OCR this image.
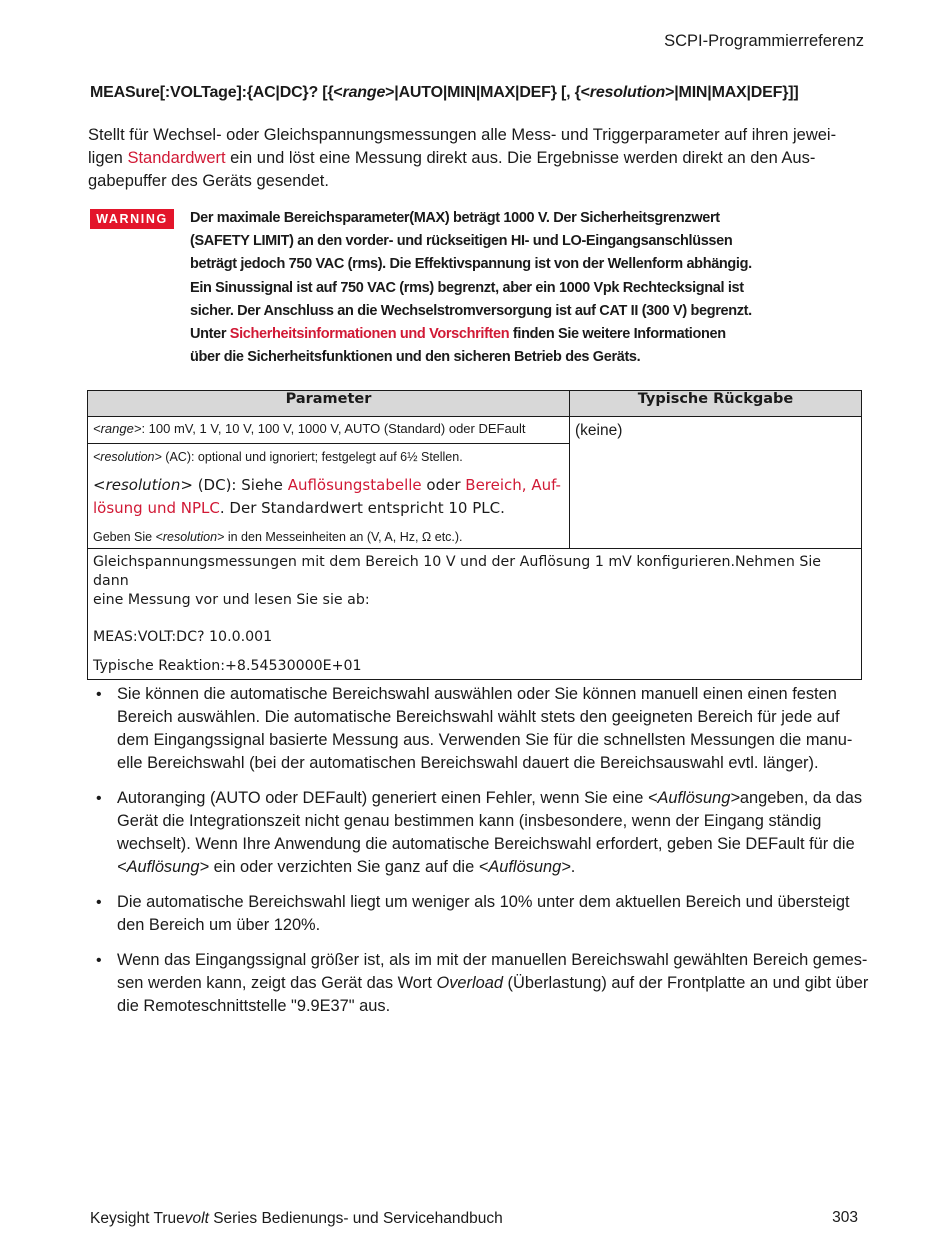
SCPI-Programmierreferenz
MEASure[:VOLTage]:{AC|DC}? [{<range>|AUTO|MIN|MAX|DEF} [, {<resolution>|MIN|MAX|DEF}]]
Stellt für Wechsel- oder Gleichspannungsmessungen alle Mess- und Triggerparameter auf ihren jewei-
ligen Standardwert ein und löst eine Messung direkt aus. Die Ergebnisse werden direkt an den Aus-
gabepuffer des Geräts gesendet.
WARNING	Der maximale Bereichsparameter(MAX) beträgt 1000 V. Der Sicherheitsgrenzwert
(SAFETY LIMIT) an den vorder- und rückseitigen HI- und LO-Eingangsanschlüssen
beträgt jedoch 750 VAC (rms). Die Effektivspannung ist von der Wellenform abhängig.
Ein Sinussignal ist auf 750 VAC (rms) begrenzt, aber ein 1000 Vpk Rechtecksignal ist
sicher. Der Anschluss an die Wechselstromversorgung ist auf CAT II (300 V) begrenzt.
Unter Sicherheitsinformationen und Vorschriften finden Sie weitere Informationen
über die Sicherheitsfunktionen und den sicheren Betrieb des Geräts.
Parameter	Typische Rückgabe
<range>: 100 mV, 1 V, 10 V, 100 V, 1000 V, AUTO (Standard) oder DEFault	(keine)

<resolution> (AC): optional und ignoriert; festgelegt auf 6½ Stellen.
<resolution> (DC): Siehe Auflösungstabelle oder Bereich, Auf-
lösung und NPLC. Der Standardwert entspricht 10 PLC.
Geben Sie <resolution> in den Messeinheiten an (V, A, Hz, Ω etc.).	

Gleichspannungsmessungen mit dem Bereich 10 V und der Auflösung 1 mV konfigurieren.Nehmen Sie dann
eine Messung vor und lesen Sie sie ab:
MEAS:VOLT:DC? 10.0.001
Typische Reaktion:+8.54530000E+01	
• Sie können die automatische Bereichswahl auswählen oder Sie können manuell einen einen festen Bereich auswählen. Die automatische Bereichswahl wählt stets den geeigneten Bereich für jede auf dem Eingangssignal basierte Messung aus. Verwenden Sie für die schnellsten Messungen die manu-elle Bereichswahl (bei der automatischen Bereichswahl dauert die Bereichsauswahl evtl. länger).
• Autoranging (AUTO oder DEFault) generiert einen Fehler, wenn Sie eine <Auflösung>angeben, da das Gerät die Integrationszeit nicht genau bestimmen kann (insbesondere, wenn der Eingang ständig wechselt). Wenn Ihre Anwendung die automatische Bereichswahl erfordert, geben Sie DEFault für die <Auflösung> ein oder verzichten Sie ganz auf die <Auflösung>.
• Die automatische Bereichswahl liegt um weniger als 10% unter dem aktuellen Bereich und übersteigt den Bereich um über 120%.
• Wenn das Eingangssignal größer ist, als im mit der manuellen Bereichswahl gewählten Bereich gemes-sen werden kann, zeigt das Gerät das Wort Overload (Überlastung) auf der Frontplatte an und gibt über die Remoteschnittstelle "9.9E37" aus.
Keysight Truevolt Series Bedienungs- und Servicehandbuch	303
